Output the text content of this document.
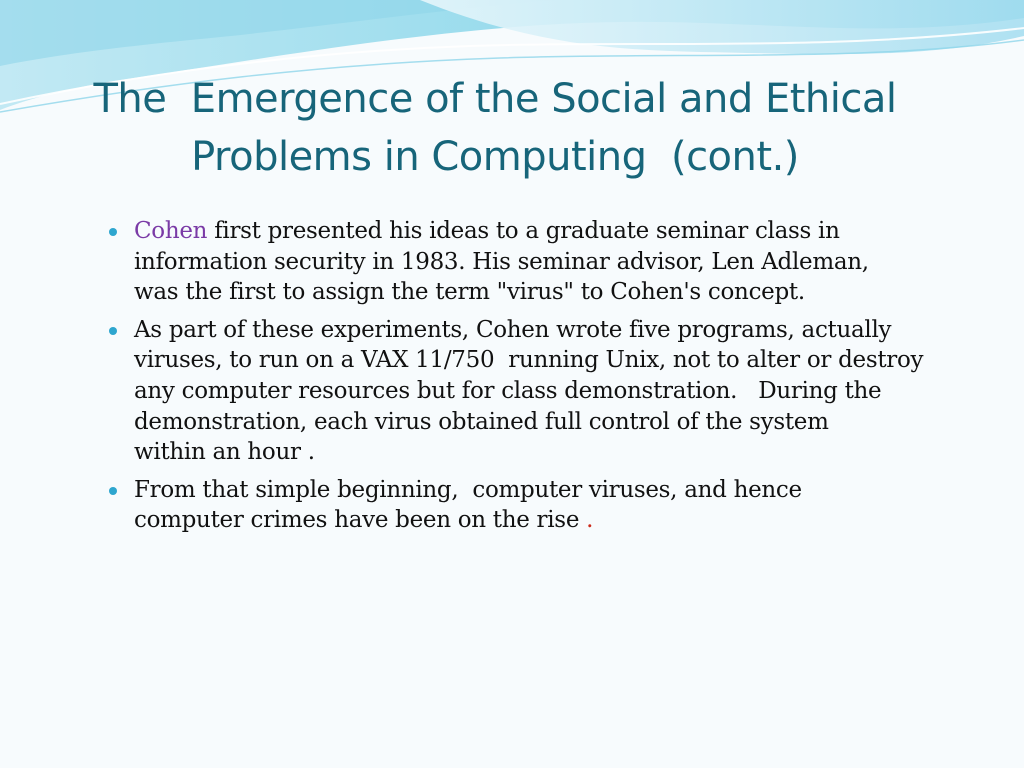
The  Emergence of the Social and Ethical
Problems in Computing  (cont.)
Cohen first presented his ideas to a graduate seminar class in
information security in 1983. His seminar advisor, Len Adleman,
was the first to assign the term "virus" to Cohen's concept.
As part of these experiments, Cohen wrote five programs, actually
viruses, to run on a VAX 11/750  running Unix, not to alter or destroy
any computer resources but for class demonstration.   During the
demonstration, each virus obtained full control of the system
within an hour .
From that simple beginning,  computer viruses, and hence
computer crimes have been on the rise .
